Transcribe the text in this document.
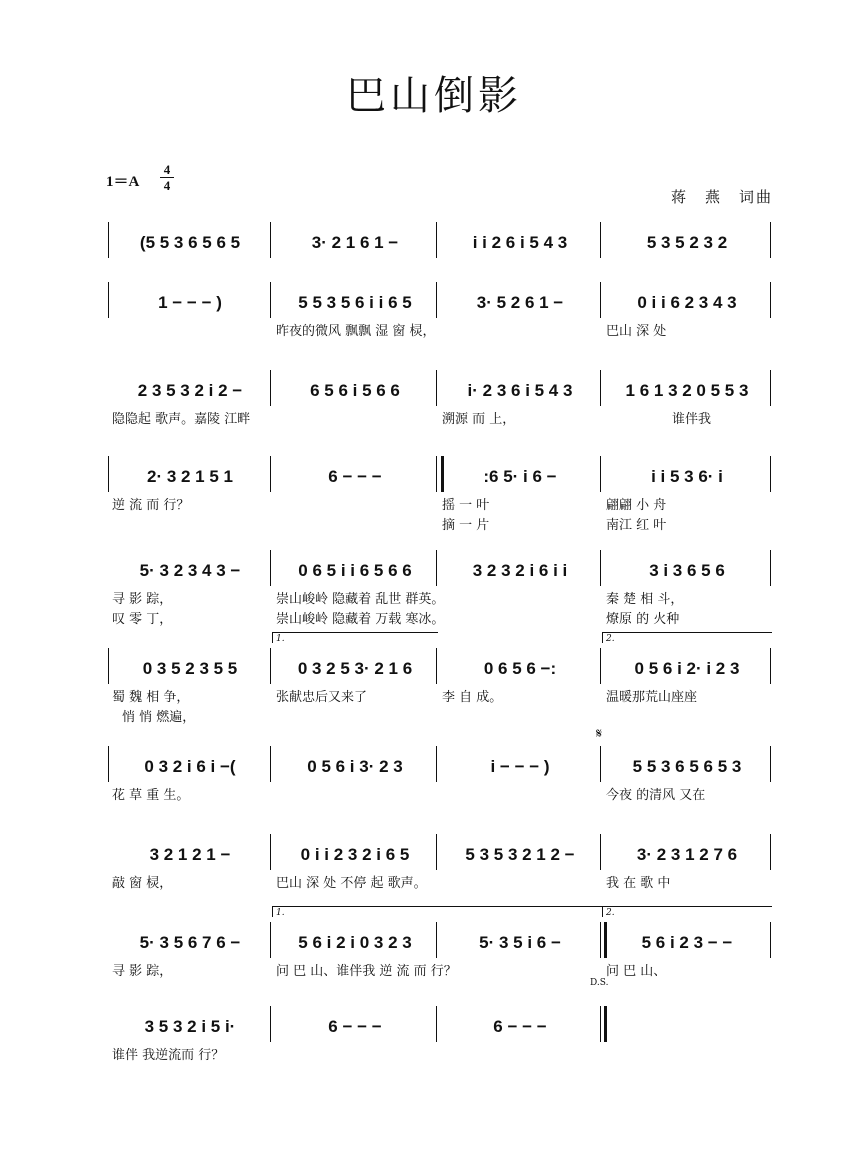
巴山倒影
1＝A
4
4
蒋　燕　词曲
(5 5 3 6 5 6 5	3· 2 1 6 1 −	i i 2 6 i 5 4 3	5 3 5 2 3 2
1 − − − )	5 5 3 5 6 i i 6 5	3· 5 2 6 1 −	0 i i 6 2 3 4 3
昨夜的微风 飘飘 湿 窗 棂，	巴山 深 处
2 3 5 3 2 i 2 −	6 5 6 i 5 6 6	i· 2 3 6 i 5 4 3	1 6 1 3 2 0 5 5 3
隐隐起 歌声。嘉陵 江畔	溯源 而 上，	谁伴我
2· 3 2 1 5 1	6 − − −	:6 5· i 6 −	i i 5 3 6· i
逆 流 而 行？	摇 一 叶	翩翩 小 舟
摘 一 片	南江 红 叶
5· 3 2 3 4 3 −	0 6 5 i i 6 5 6 6	3 2 3 2 i 6 i i	3 i 3 6 5 6
寻 影 踪，	崇山峻岭 隐藏着 乱世 群英。	秦 楚 相 斗，
叹 零 丁，	崇山峻岭 隐藏着 万载 寒冰。	燎原 的 火种
0 3 5 2 3 5 5	0 3 2 5 3· 2 1 6	0 6 5 6 −:	0 5 6 i 2· i 2 3
1.	2.
蜀 魏 相 争，	张献忠后又来了	李 自 成。	温暖那荒山座座
悄 悄 燃遍，
0 3 2 i 6 i −(	0 5 6 i 3· 2 3	i − − − )	5 5 3 6 5 6 5 3
𝄋
花 草 重 生。	今夜 的清风 又在
3 2 1 2 1 −	0 i i 2 3 2 i 6 5	5 3 5 3 2 1 2 −	3· 2 3 1 2 7 6
敲 窗 棂，	巴山 深 处 不停 起 歌声。	我 在 歌 中
5· 3 5 6 7 6 −	5 6 i 2 i 0 3 2 3	5· 3 5 i 6 −	5 6 i 2 3 − −
1.	2.
D.S.
寻 影 踪，	问 巴 山、谁伴我 逆 流 而 行？	问 巴 山、
3 5 3 2 i 5 i·	6 − − −	6 − − −
谁伴 我逆流而 行？
